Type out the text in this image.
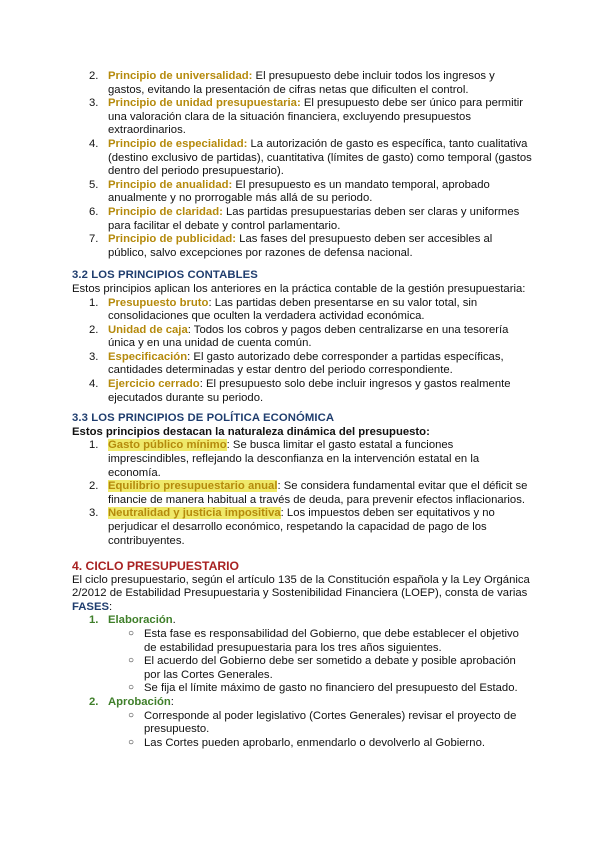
2. Principio de universalidad: El presupuesto debe incluir todos los ingresos y gastos, evitando la presentación de cifras netas que dificulten el control.
3. Principio de unidad presupuestaria: El presupuesto debe ser único para permitir una valoración clara de la situación financiera, excluyendo presupuestos extraordinarios.
4. Principio de especialidad: La autorización de gasto es específica, tanto cualitativa (destino exclusivo de partidas), cuantitativa (límites de gasto) como temporal (gastos dentro del periodo presupuestario).
5. Principio de anualidad: El presupuesto es un mandato temporal, aprobado anualmente y no prorrogable más allá de su periodo.
6. Principio de claridad: Las partidas presupuestarias deben ser claras y uniformes para facilitar el debate y control parlamentario.
7. Principio de publicidad: Las fases del presupuesto deben ser accesibles al público, salvo excepciones por razones de defensa nacional.
3.2 LOS PRINCIPIOS CONTABLES
Estos principios aplican los anteriores en la práctica contable de la gestión presupuestaria:
1. Presupuesto bruto: Las partidas deben presentarse en su valor total, sin consolidaciones que oculten la verdadera actividad económica.
2. Unidad de caja: Todos los cobros y pagos deben centralizarse en una tesorería única y en una unidad de cuenta común.
3. Especificación: El gasto autorizado debe corresponder a partidas específicas, cantidades determinadas y estar dentro del periodo correspondiente.
4. Ejercicio cerrado: El presupuesto solo debe incluir ingresos y gastos realmente ejecutados durante su periodo.
3.3 LOS PRINCIPIOS DE POLÍTICA ECONÓMICA
Estos principios destacan la naturaleza dinámica del presupuesto:
1. Gasto público mínimo: Se busca limitar el gasto estatal a funciones imprescindibles, reflejando la desconfianza en la intervención estatal en la economía.
2. Equilibrio presupuestario anual: Se considera fundamental evitar que el déficit se financie de manera habitual a través de deuda, para prevenir efectos inflacionarios.
3. Neutralidad y justicia impositiva: Los impuestos deben ser equitativos y no perjudicar el desarrollo económico, respetando la capacidad de pago de los contribuyentes.
4. CICLO PRESUPUESTARIO
El ciclo presupuestario, según el artículo 135 de la Constitución española y la Ley Orgánica 2/2012 de Estabilidad Presupuestaria y Sostenibilidad Financiera (LOEP), consta de varias FASES:
1. Elaboración.
○ Esta fase es responsabilidad del Gobierno, que debe establecer el objetivo de estabilidad presupuestaria para los tres años siguientes.
○ El acuerdo del Gobierno debe ser sometido a debate y posible aprobación por las Cortes Generales.
○ Se fija el límite máximo de gasto no financiero del presupuesto del Estado.
2. Aprobación:
○ Corresponde al poder legislativo (Cortes Generales) revisar el proyecto de presupuesto.
○ Las Cortes pueden aprobarlo, enmendarlo o devolverlo al Gobierno.
